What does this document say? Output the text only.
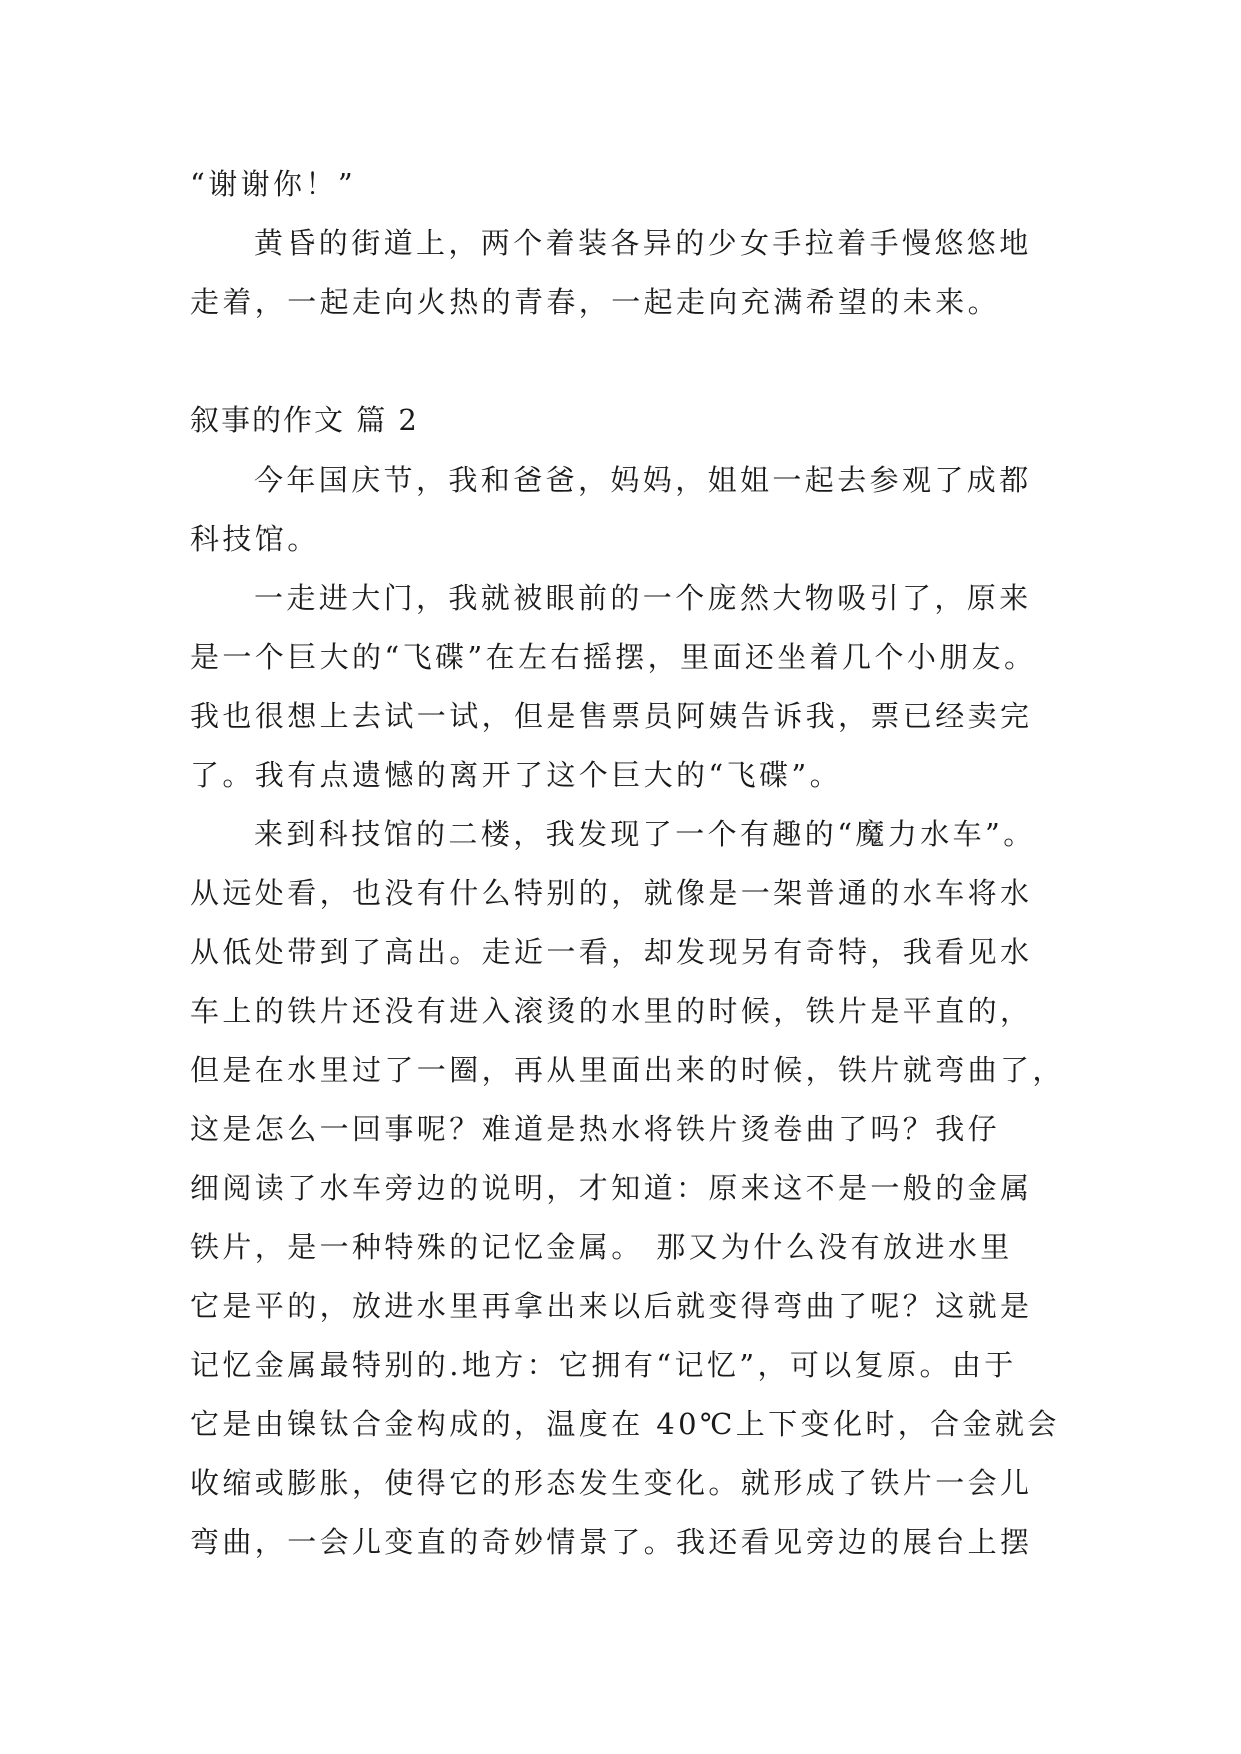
“谢谢你！”
黄昏的街道上，两个着装各异的少女手拉着手慢悠悠地
走着，一起走向火热的青春，一起走向充满希望的未来。
叙事的作文 篇 2
今年国庆节，我和爸爸，妈妈，姐姐一起去参观了成都
科技馆。
一走进大门，我就被眼前的一个庞然大物吸引了，原来
是一个巨大的“飞碟”在左右摇摆，里面还坐着几个小朋友。
我也很想上去试一试，但是售票员阿姨告诉我，票已经卖完
了。我有点遗憾的离开了这个巨大的“飞碟”。
来到科技馆的二楼，我发现了一个有趣的“魔力水车”。
从远处看，也没有什么特别的，就像是一架普通的水车将水
从低处带到了高出。走近一看，却发现另有奇特，我看见水
车上的铁片还没有进入滚烫的水里的时候，铁片是平直的，
但是在水里过了一圈，再从里面出来的时候，铁片就弯曲了，
这是怎么一回事呢？难道是热水将铁片烫卷曲了吗？我仔
细阅读了水车旁边的说明，才知道：原来这不是一般的金属
铁片，是一种特殊的记忆金属。 那又为什么没有放进水里
它是平的，放进水里再拿出来以后就变得弯曲了呢？这就是
记忆金属最特别的.地方：它拥有“记忆”，可以复原。由于
它是由镍钛合金构成的，温度在 40℃上下变化时，合金就会
收缩或膨胀，使得它的形态发生变化。就形成了铁片一会儿
弯曲，一会儿变直的奇妙情景了。我还看见旁边的展台上摆
